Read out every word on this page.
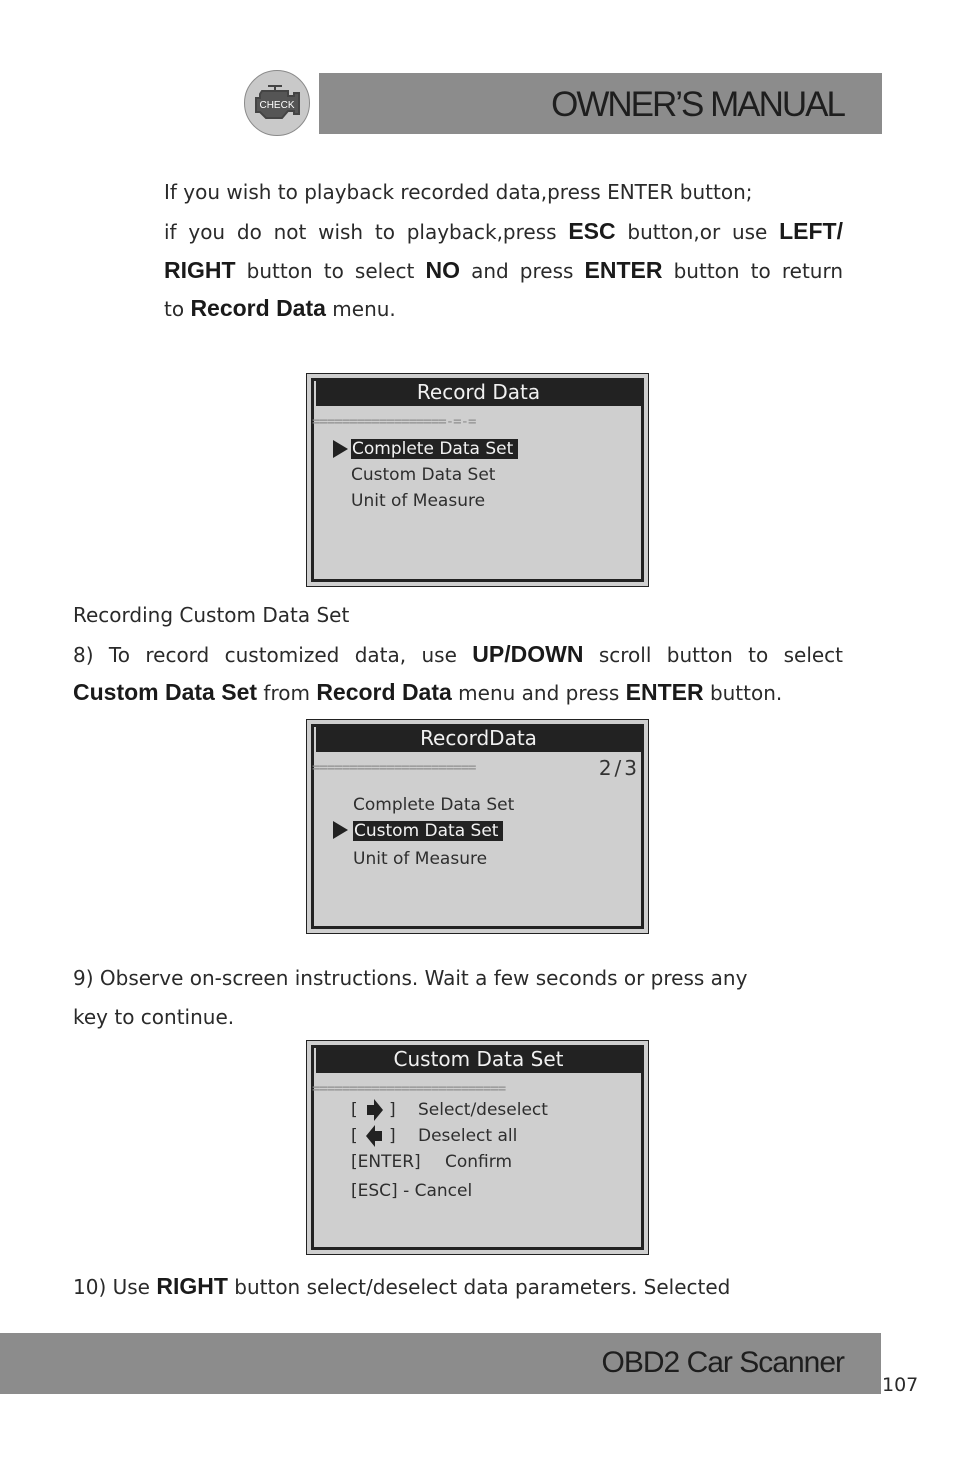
OWNER’S MANUAL
CHECK
If you wish to playback recorded data,press ENTER button;
if you do not wish to playback,press ESC button,or use LEFT/
RIGHT button to select NO and press ENTER button to return
to Record Data menu.
Record Data
==================-=-=
Complete Data Set
Custom Data Set
Unit of Measure
Recording Custom Data Set
8) To record customized data, use UP/DOWN scroll button to select
Custom Data Set from Record Data menu and press ENTER button.
RecordData
======================	2/3
Complete Data Set
Custom Data Set
Unit of Measure
9) Observe on-screen instructions. Wait a few seconds or press any
key to continue.
Custom Data Set
==========================
[ ] Select/deselect
[ ] Deselect all
[ENTER] Confirm
[ESC] - Cancel
10) Use RIGHT button select/deselect data parameters. Selected
OBD2 Car Scanner
107
